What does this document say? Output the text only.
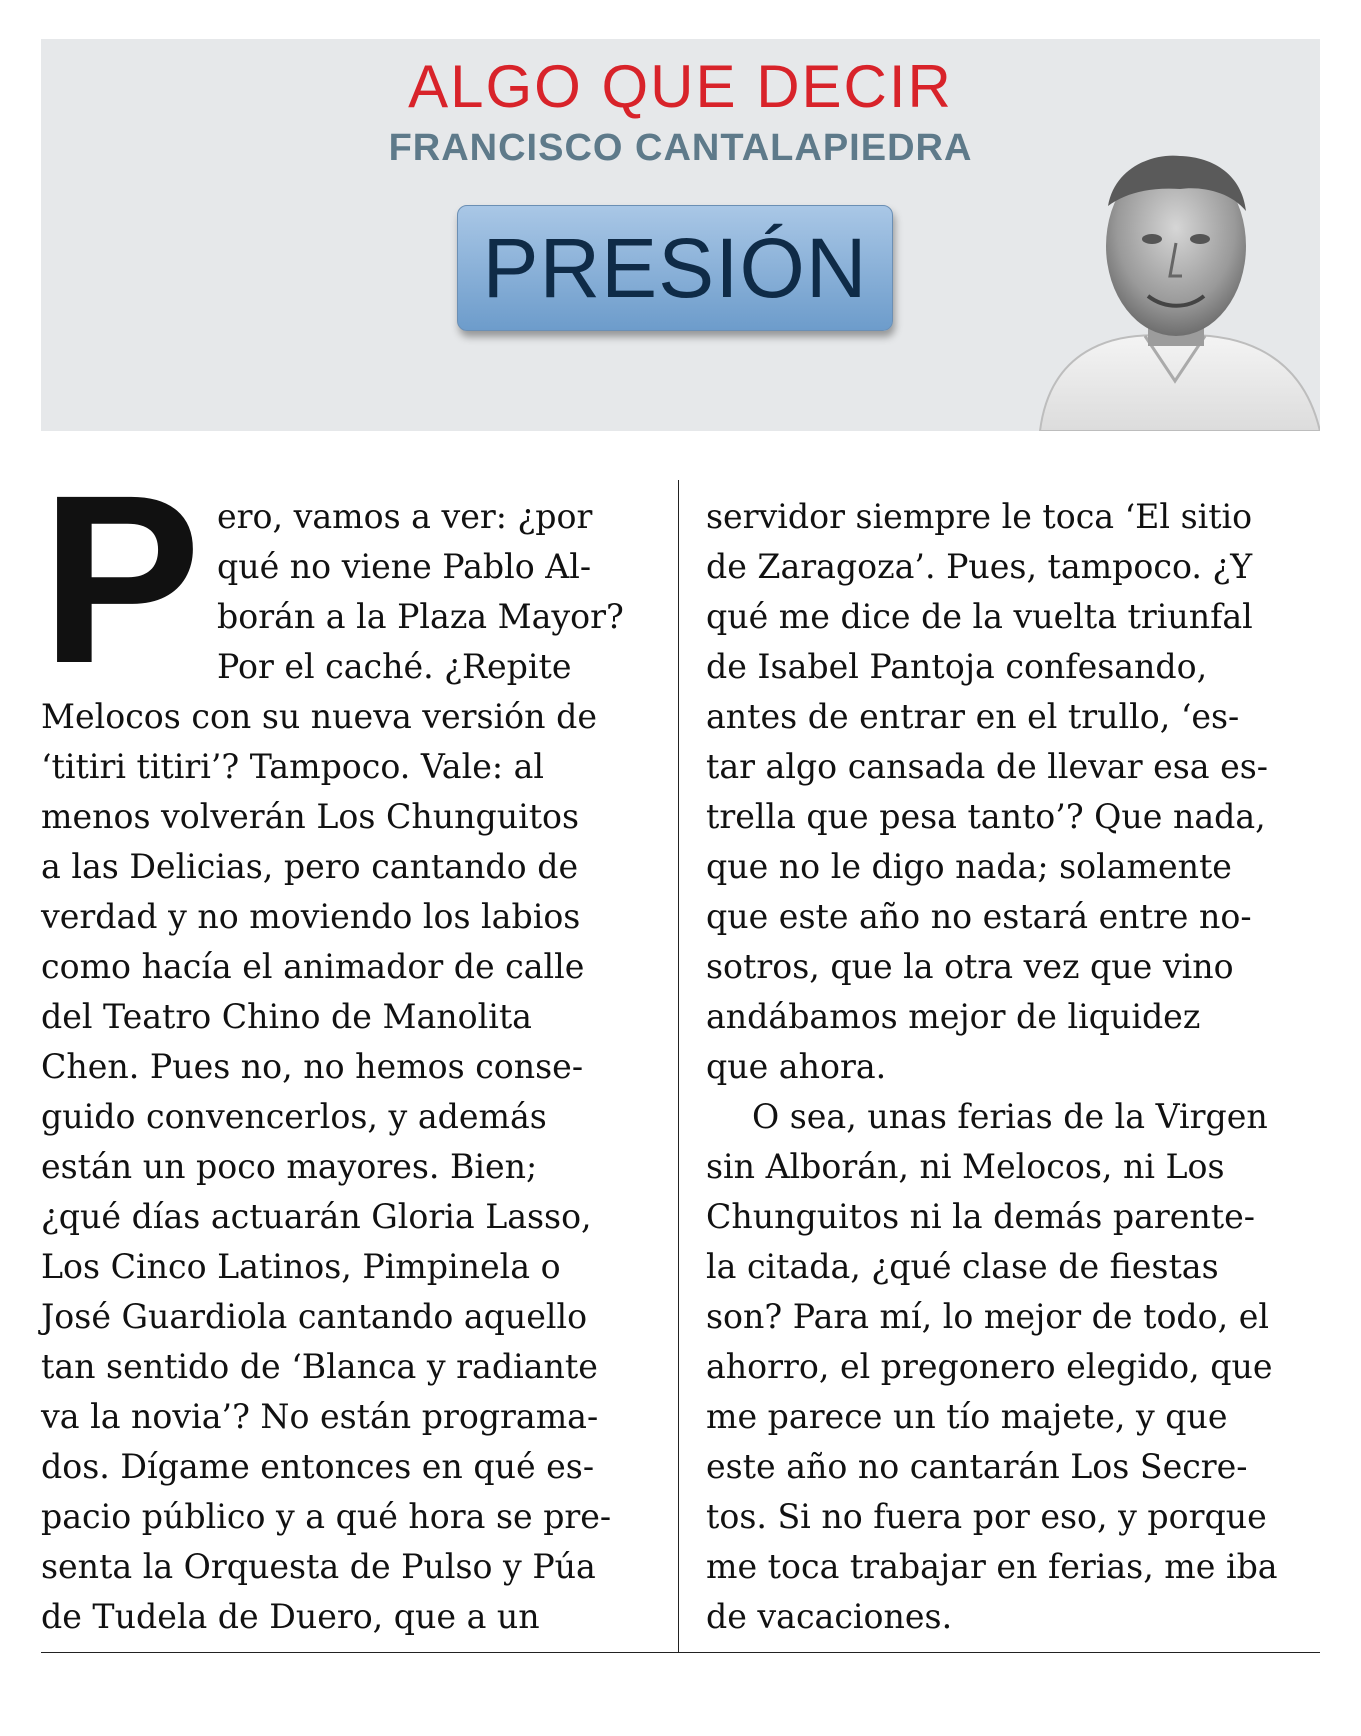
ALGO QUE DECIR
FRANCISCO CANTALAPIEDRA
PRESIÓN
P ero, vamos a ver: ¿por
qué no viene Pablo Al-
borán a la Plaza Mayor?
Por el caché. ¿Repite
Melocos con su nueva versión de
‘titiri titiri’? Tampoco. Vale: al
menos volverán Los Chunguitos
a las Delicias, pero cantando de
verdad y no moviendo los labios
como hacía el animador de calle
del Teatro Chino de Manolita
Chen. Pues no, no hemos conse-
guido convencerlos, y además
están un poco mayores. Bien;
¿qué días actuarán Gloria Lasso,
Los Cinco Latinos, Pimpinela o
José Guardiola cantando aquello
tan sentido de ‘Blanca y radiante
va la novia’? No están programa-
dos. Dígame entonces en qué es-
pacio público y a qué hora se pre-
senta la Orquesta de Pulso y Púa
de Tudela de Duero, que a un
servidor siempre le toca ‘El sitio
de Zaragoza’. Pues, tampoco. ¿Y
qué me dice de la vuelta triunfal
de Isabel Pantoja confesando,
antes de entrar en el trullo, ‘es-
tar algo cansada de llevar esa es-
trella que pesa tanto’? Que nada,
que no le digo nada; solamente
que este año no estará entre no-
sotros, que la otra vez que vino
andábamos mejor de liquidez
que ahora.
O sea, unas ferias de la Virgen
sin Alborán, ni Melocos, ni Los
Chunguitos ni la demás parente-
la citada, ¿qué clase de fiestas
son? Para mí, lo mejor de todo, el
ahorro, el pregonero elegido, que
me parece un tío majete, y que
este año no cantarán Los Secre-
tos. Si no fuera por eso, y porque
me toca trabajar en ferias, me iba
de vacaciones.
